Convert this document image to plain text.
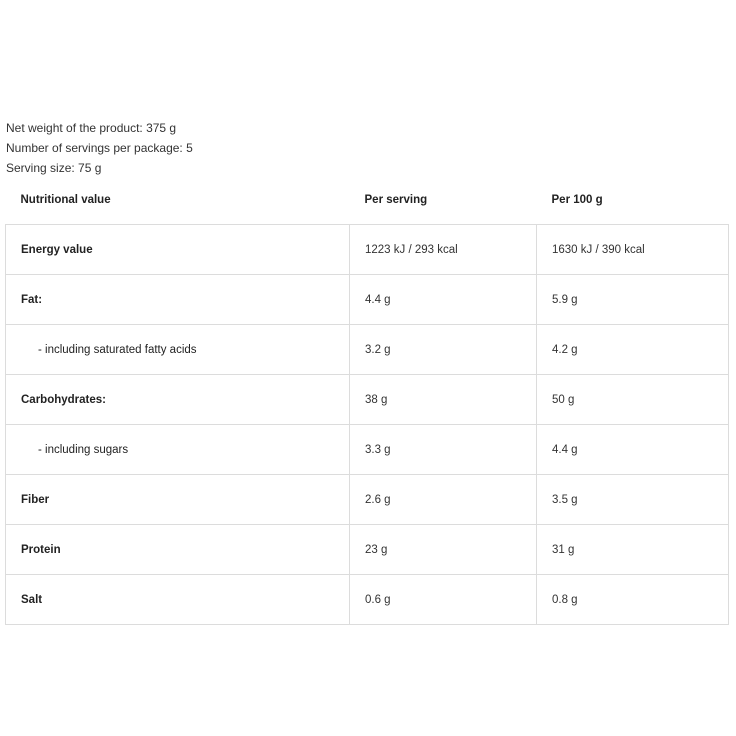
Net weight of the product: 375 g
Number of servings per package: 5
Serving size: 75 g
Nutritional value	Per serving	Per 100 g
Energy value	1223 kJ / 293 kcal	1630 kJ / 390 kcal
Fat:	4.4 g	5.9 g
- including saturated fatty acids	3.2 g	4.2 g
Carbohydrates:	38 g	50 g
- including sugars	3.3 g	4.4 g
Fiber	2.6 g	3.5 g
Protein	23 g	31 g
Salt	0.6 g	0.8 g
